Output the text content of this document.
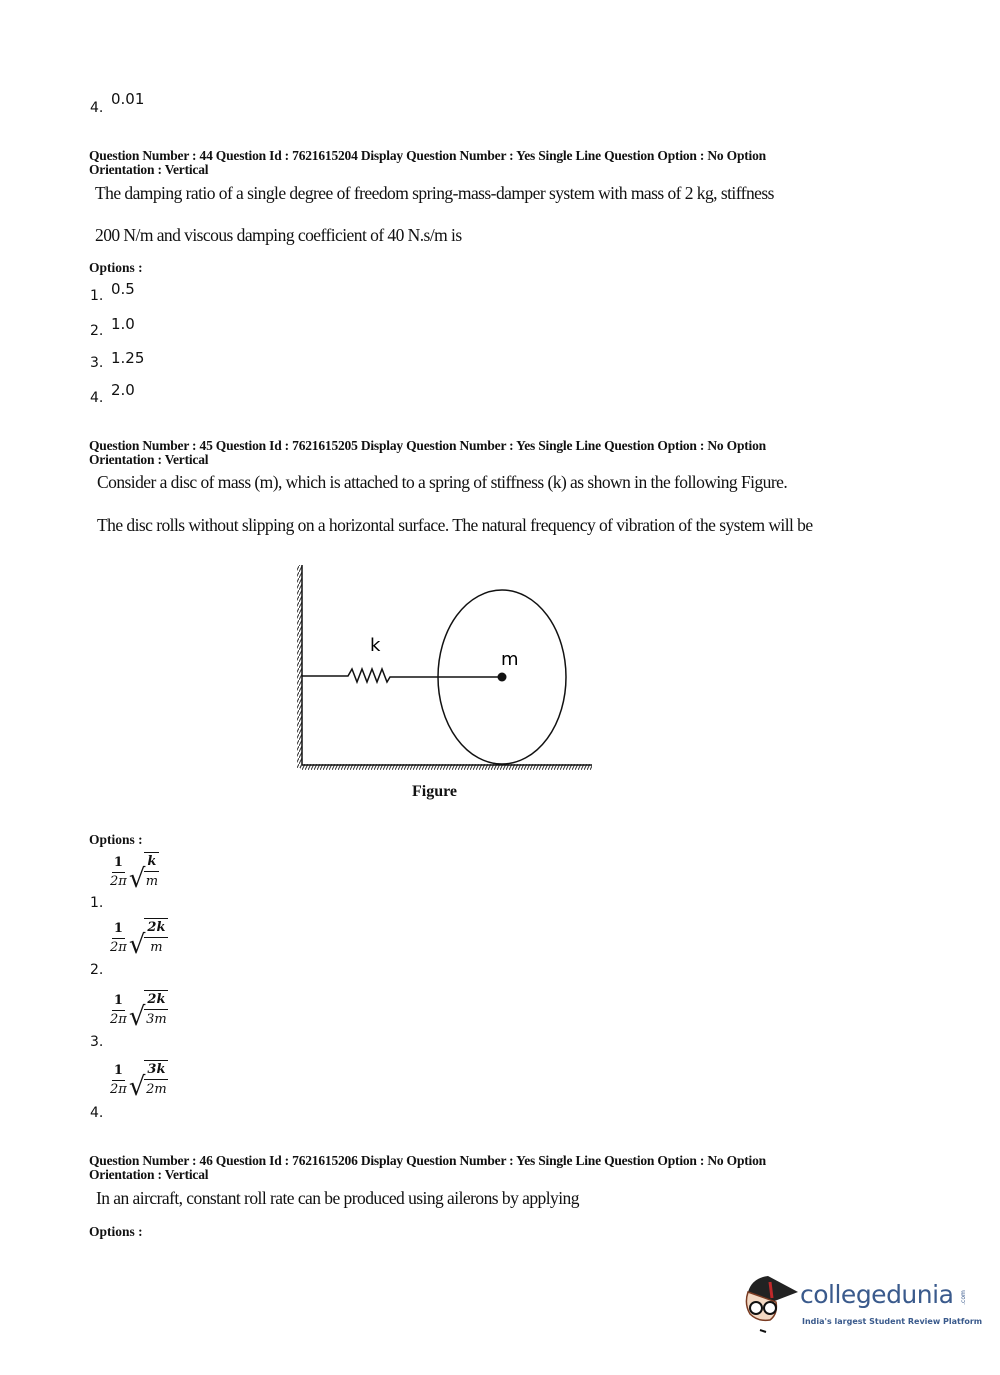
4. 0.01
Question Number : 44 Question Id : 7621615204 Display Question Number : Yes Single Line Question Option : No Option
Orientation : Vertical
The damping ratio of a single degree of freedom spring-mass-damper system with mass of 2 kg, stiffness
200 N/m and viscous damping coefficient of 40 N.s/m is
Options :
1. 0.5
2. 1.0
3. 1.25
4. 2.0
Question Number : 45 Question Id : 7621615205 Display Question Number : Yes Single Line Question Option : No Option
Orientation : Vertical
Consider a disc of mass (m), which is attached to a spring of stiffness (k) as shown in the following Figure.
The disc rolls without slipping on a horizontal surface. The natural frequency of vibration of the system will be
k
m
Figure
Options :
1.
$\frac{1}{2\pi}$ √ $\frac{k}{m}$
2.
$\frac{1}{2\pi}$ √ $\frac{2k}{m}$
3.
$\frac{1}{2\pi}$ √ $\frac{2k}{3m}$
4.
$\frac{1}{2\pi}$ √ $\frac{3k}{2m}$
Question Number : 46 Question Id : 7621615206 Display Question Number : Yes Single Line Question Option : No Option
Orientation : Vertical
In an aircraft, constant roll rate can be produced using ailerons by applying
Options :
collegedunia .com
India's largest Student Review Platform
